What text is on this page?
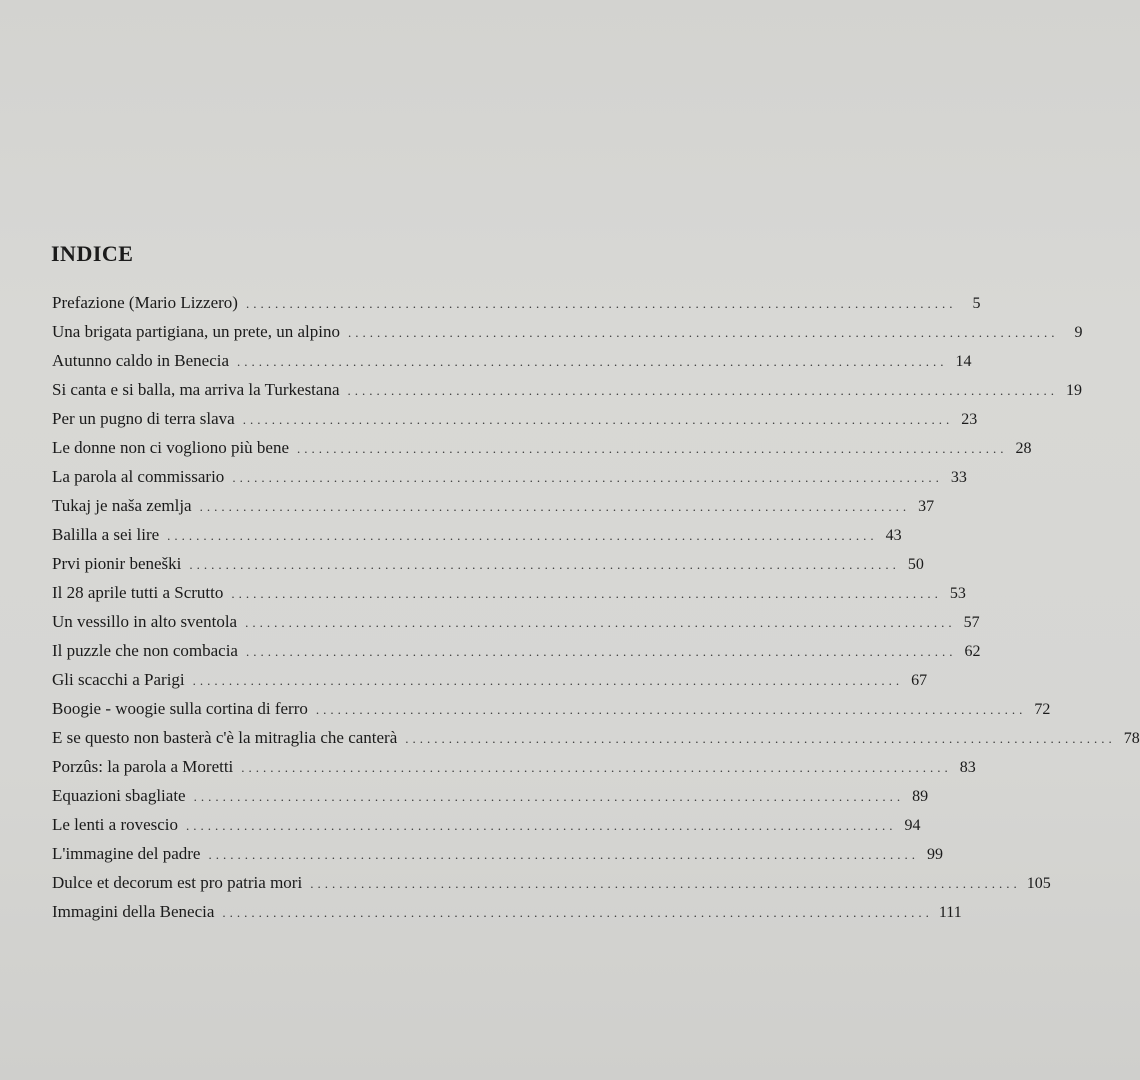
INDICE
Prefazione (Mario Lizzero) ..................................................................................................	5
Una brigata partigiana, un prete, un alpino ..................................................................................................	9
Autunno caldo in Benecia .................................................................................................. 14
Si canta e si balla, ma arriva la Turkestana .................................................................................................. 19
Per un pugno di terra slava .................................................................................................. 23
Le donne non ci vogliono più bene .................................................................................................. 28
La parola al commissario .................................................................................................. 33
Tukaj je naša zemlja .................................................................................................. 37
Balilla a sei lire .................................................................................................. 43
Prvi pionir beneški .................................................................................................. 50
Il 28 aprile tutti a Scrutto .................................................................................................. 53
Un vessillo in alto sventola .................................................................................................. 57
Il puzzle che non combacia .................................................................................................. 62
Gli scacchi a Parigi .................................................................................................. 67
Boogie - woogie sulla cortina di ferro .................................................................................................. 72
E se questo non basterà c'è la mitraglia che canterà .................................................................................................. 78
Porzûs: la parola a Moretti .................................................................................................. 83
Equazioni sbagliate .................................................................................................. 89
Le lenti a rovescio .................................................................................................. 94
L'immagine del padre .................................................................................................. 99
Dulce et decorum est pro patria mori .................................................................................................. 105
Immagini della Benecia .................................................................................................. 111
